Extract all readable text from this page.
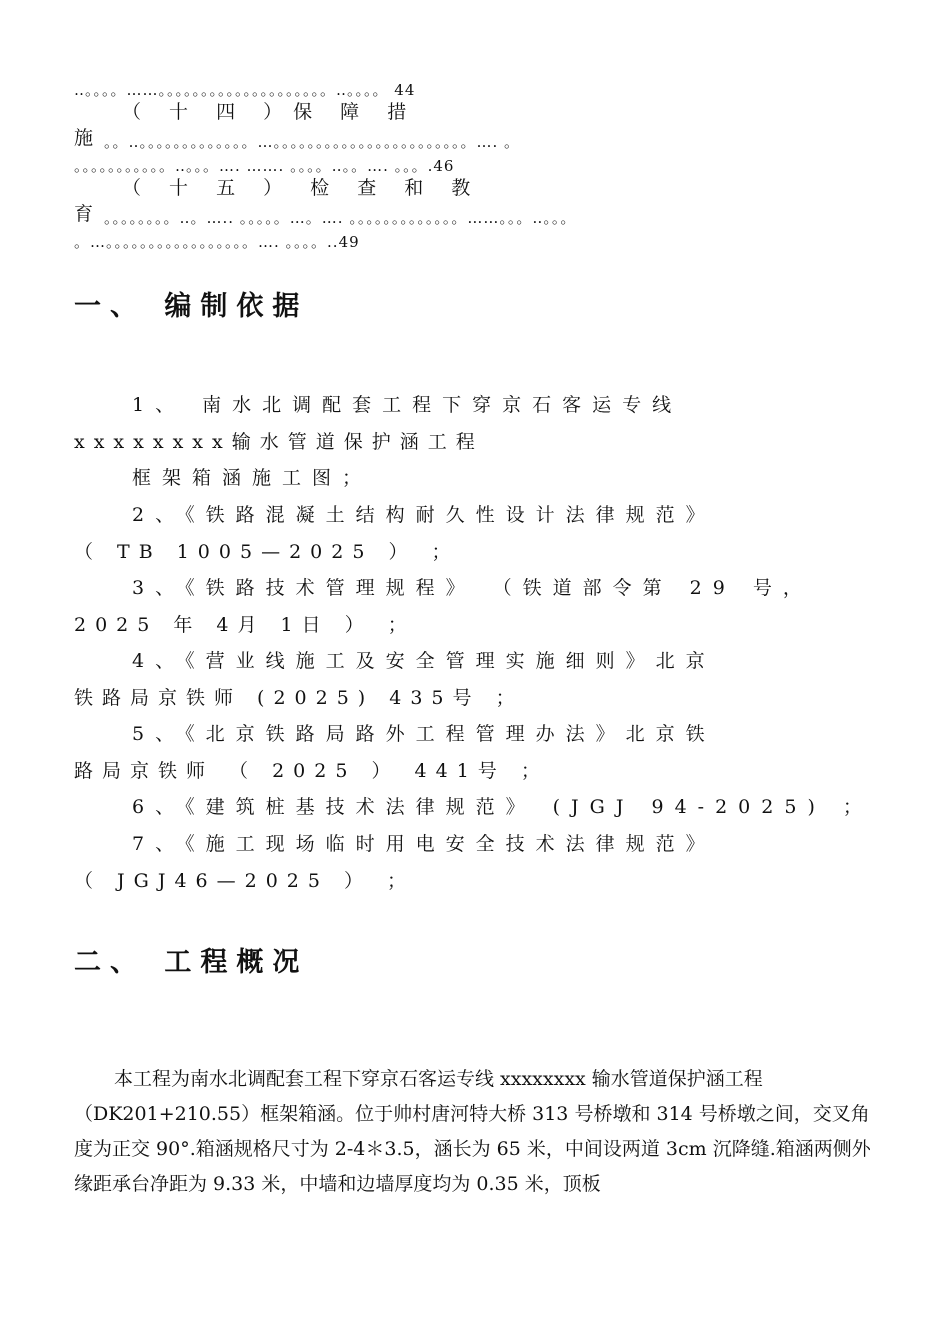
‥。。。。……。。。。。。。。。。。。。。。。。。。。‥。。。。 44
（ 十 四 ）保 障 措
施 。。‥。。。。。。。。。。。。。…。。。。。。。。。。。。。。。。。。。。。。。…. 。
。。。。。。。。。。。‥。。。…. ……. 。。。。‥。。…. 。。。.46
（ 十 五 ） 检 查 和 教
育 。。。。。。。。‥。….. 。。。。。…。…. 。。。。。。。。。。。。。……。。。‥。。。
。…。。。。。。。。。。。。。。。。。…. 。。。。..49
一、 编制依据
1、 南水北调配套工程下穿京石客运专线
xxxxxxxx输水管道保护涵工程
框架箱涵施工图；
2、《铁路混凝土结构耐久性设计法律规范》
（ TB 1005—2025 ） ；
3、《铁路技术管理规程》 （铁道部令第 29 号，
2025 年 4月 1日 ） ；
4、《营业线施工及安全管理实施细则》北京
铁路局京铁师 (2025) 435号 ；
5、《北京铁路局路外工程管理办法》北京铁
路局京铁师 （ 2025 ） 441号 ；
6、《建筑桩基技术法律规范》 (JGJ 94-2025) ；
7、《施工现场临时用电安全技术法律规范》
（ JGJ46—2025 ） ；
二、 工程概况

本工程为南水北调配套工程下穿京石客运专线 xxxxxxxx 输水管道保护涵工程（DK201+210.55）框架箱涵。位于帅村唐河特大桥 313 号桥墩和 314 号桥墩之间，交叉角度为正交 90°.箱涵规格尺寸为 2-4＊3.5，涵长为 65 米，中间设两道 3cm 沉降缝.箱涵两侧外缘距承台净距为 9.33 米，中墙和边墙厚度均为 0.35 米，顶板
